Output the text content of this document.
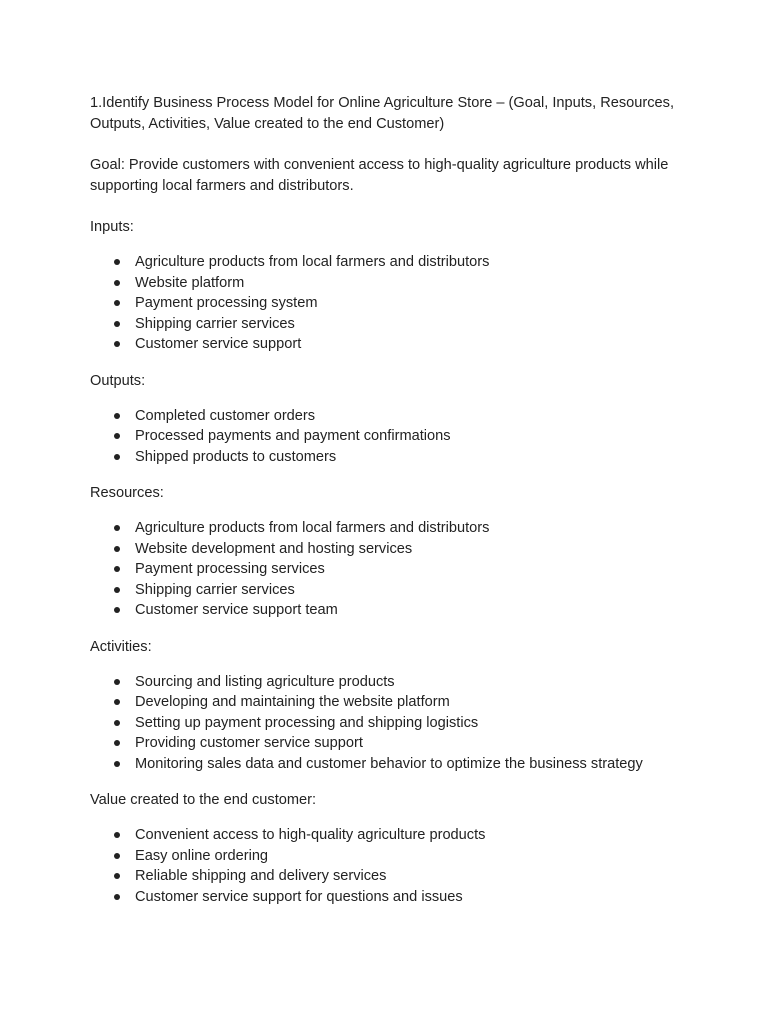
1.Identify Business Process Model for Online Agriculture Store – (Goal, Inputs, Resources, Outputs, Activities, Value created to the end Customer)

Goal: Provide customers with convenient access to high-quality agriculture products while supporting local farmers and distributors.

Inputs:

Agriculture products from local farmers and distributors
Website platform
Payment processing system
Shipping carrier services
Customer service support

Outputs:

Completed customer orders
Processed payments and payment confirmations
Shipped products to customers

Resources:

Agriculture products from local farmers and distributors
Website development and hosting services
Payment processing services
Shipping carrier services
Customer service support team

Activities:

Sourcing and listing agriculture products
Developing and maintaining the website platform
Setting up payment processing and shipping logistics
Providing customer service support
Monitoring sales data and customer behavior to optimize the business strategy

Value created to the end customer:

Convenient access to high-quality agriculture products
Easy online ordering
Reliable shipping and delivery services
Customer service support for questions and issues
